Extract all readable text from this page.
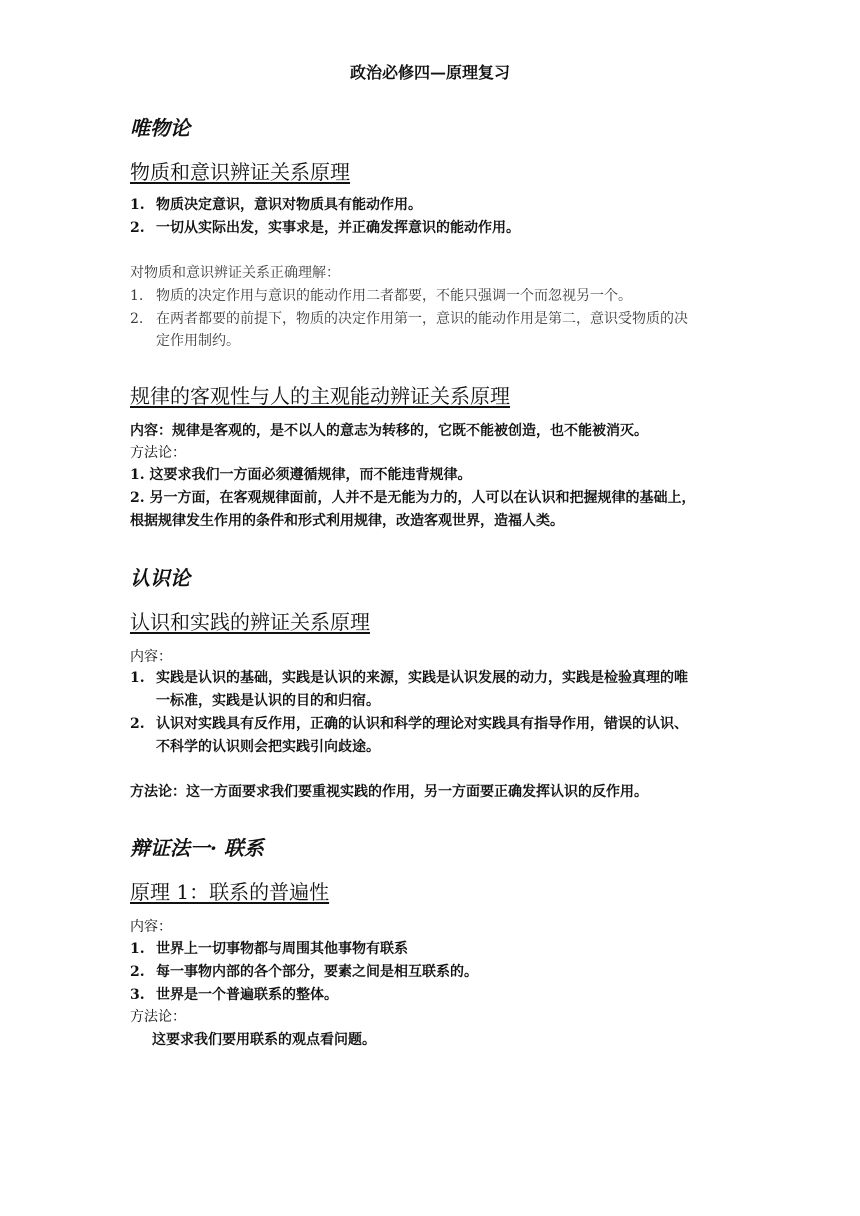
政治必修四—原理复习
唯物论
物质和意识辨证关系原理
1. 物质决定意识，意识对物质具有能动作用。
2. 一切从实际出发，实事求是，并正确发挥意识的能动作用。
对物质和意识辨证关系正确理解：
1. 物质的决定作用与意识的能动作用二者都要，不能只强调一个而忽视另一个。
2. 在两者都要的前提下，物质的决定作用第一，意识的能动作用是第二，意识受物质的决
定作用制约。
规律的客观性与人的主观能动辨证关系原理
内容：规律是客观的，是不以人的意志为转移的，它既不能被创造，也不能被消灭。
方法论：
1. 这要求我们一方面必须遵循规律，而不能违背规律。
2. 另一方面，在客观规律面前，人并不是无能为力的，人可以在认识和把握规律的基础上，
根据规律发生作用的条件和形式利用规律，改造客观世界，造福人类。
认识论
认识和实践的辨证关系原理
内容：
1. 实践是认识的基础，实践是认识的来源，实践是认识发展的动力，实践是检验真理的唯
一标准，实践是认识的目的和归宿。
2. 认识对实践具有反作用，正确的认识和科学的理论对实践具有指导作用，错误的认识、
不科学的认识则会把实践引向歧途。
方法论：这一方面要求我们要重视实践的作用，另一方面要正确发挥认识的反作用。
辩证法一· 联系
原理 1：联系的普遍性
内容：
1. 世界上一切事物都与周围其他事物有联系
2. 每一事物内部的各个部分，要素之间是相互联系的。
3. 世界是一个普遍联系的整体。
方法论：
这要求我们要用联系的观点看问题。
